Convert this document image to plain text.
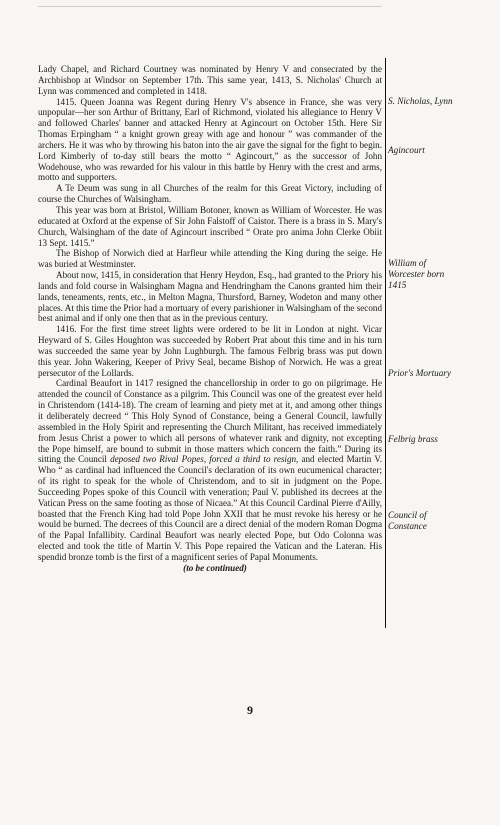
Lady Chapel, and Richard Courtney was nominated by Henry V and consecrated by the Archbishop at Windsor on September 17th. This same year, 1413, S. Nicholas' Church at Lynn was commenced and completed in 1418.

1415. Queen Joanna was Regent during Henry V's absence in France, she was very unpopular—her son Arthur of Brittany, Earl of Richmond, violated his allegiance to Henry V and followed Charles' banner and attacked Henry at Agincourt on October 15th. Here Sir Thomas Erpingham “ a knight grown greay with age and honour ” was commander of the archers. He it was who by throwing his baton into the air gave the signal for the fight to begin. Lord Kimberly of to-day still bears the motto “ Agincourt,” as the successor of John Wodehouse, who was rewarded for his valour in this battle by Henry with the crest and arms, motto and supporters.

A Te Deum was sung in all Churches of the realm for this Great Victory, including of course the Churches of Walsingham.

This year was born at Bristol, William Botoner, known as William of Worcester. He was educated at Oxford at the expense of Sir John Falstoff of Caistor. There is a brass in S. Mary's Church, Walsingham of the date of Agincourt inscribed “ Orate pro anima John Clerke Obiit 13 Sept. 1415.”

The Bishop of Norwich died at Harfleur while attending the King during the seige. He was buried at Westminster.

About now, 1415, in consideration that Henry Heydon, Esq., had granted to the Priory his lands and fold course in Walsingham Magna and Hendringham the Canons granted him their lands, teneaments, rents, etc., in Melton Magna, Thursford, Barney, Wodeton and many other places. At this time the Prior had a mortuary of every parishioner in Walsingham of the second best animal and if only one then that as in the previous century.

1416. For the first time street lights were ordered to be lit in London at night. Vicar Heyward of S. Giles Houghton was succeeded by Robert Prat about this time and in his turn was succeeded the same year by John Lughburgh. The famous Felbrig brass was put down this year. John Wakering, Keeper of Privy Seal, became Bishop of Norwich. He was a great persecutor of the Lollards.

Cardinal Beaufort in 1417 resigned the chancellorship in order to go on pilgrimage. He attended the council of Constance as a pilgrim. This Council was one of the greatest ever held in Christendom (1414-18). The cream of learning and piety met at it, and among other things it deliberately decreed “ This Holy Synod of Constance, being a General Council, lawfully assembled in the Holy Spirit and representing the Church Militant, has received immediately from Jesus Christ a power to which all persons of whatever rank and dignity, not excepting the Pope himself, are bound to submit in those matters which concern the faith.” During its sitting the Council deposed two Rival Popes, forced a third to resign, and elected Martin V. Who “ as cardinal had influenced the Council's declaration of its own eucumenical character; of its right to speak for the whole of Christendom, and to sit in judgment on the Pope. Succeeding Popes spoke of this Council with veneration; Paul V. published its decrees at the Vatican Press on the same footing as those of Nicaea.” At this Council Cardinal Pierre d'Ailly, boasted that the French King had told Pope John XXII that he must revoke his heresy or he would be burned. The decrees of this Council are a direct denial of the modern Roman Dogma of the Papal Infallibity. Cardinal Beaufort was nearly elected Pope, but Odo Colonna was elected and took the title of Martin V. This Pope repaired the Vatican and the Lateran. His spendid bronze tomb is the first of a magnificent series of Papal Monuments.

(to be continued)

S. Nicholas, Lynn
Agincourt
William of
Worcester born
1415
Prior's Mortuary
Felbrig brass
Council of
Constance
9
